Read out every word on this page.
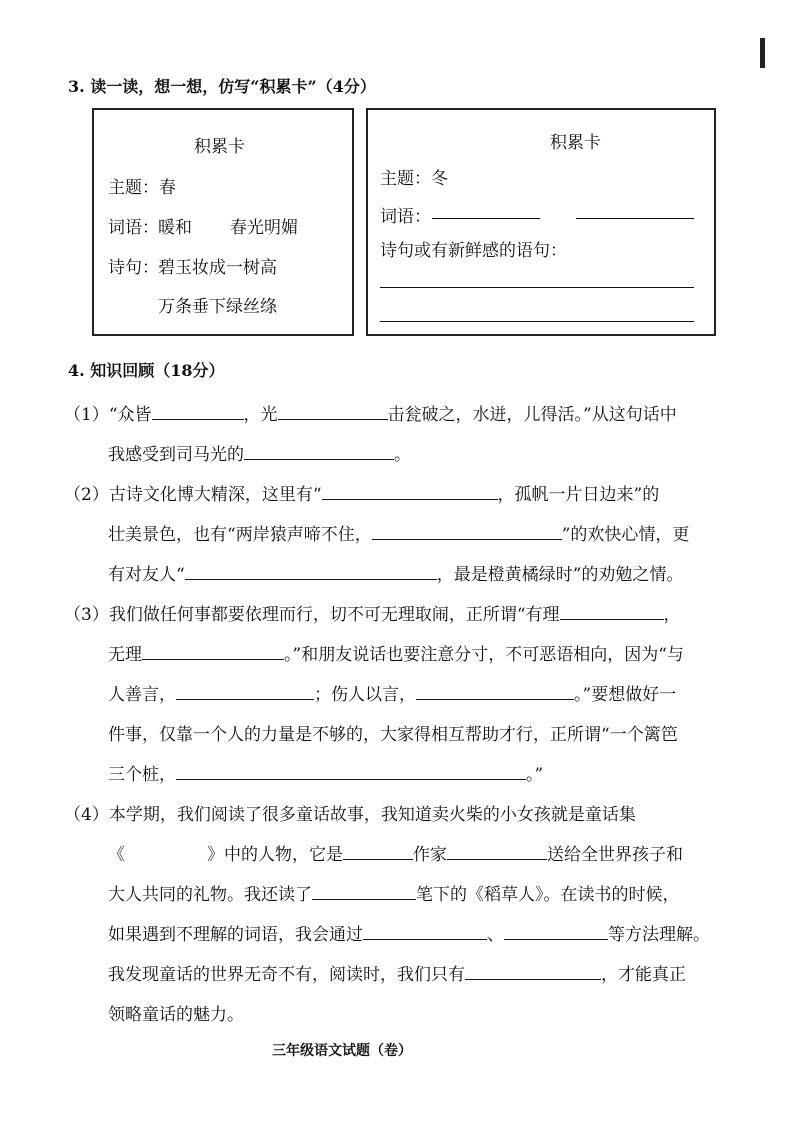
3. 读一读，想一想，仿写“积累卡”（4分）
积累卡
主题：春
词语： 暖和 春光明媚
诗句： 碧玉妆成一树高
万条垂下绿丝绦
积累卡
主题：冬
词语：
诗句或有新鲜感的语句：
4. 知识回顾（18分）
（1）“众皆	，光	击瓮破之，水迸，儿得活。”从这句话中
我感受到司马光的	。
（2）古诗文化博大精深，这里有“	，孤帆一片日边来”的
壮美景色，也有“两岸猿声啼不住，	”的欢快心情，更
有对友人“	，最是橙黄橘绿时”的劝勉之情。
（3）我们做任何事都要依理而行，切不可无理取闹，正所谓“有理	，
无理	。”和朋友说话也要注意分寸，不可恶语相向，因为“与
人善言，	；伤人以言，	。”要想做好一
件事，仅靠一个人的力量是不够的，大家得相互帮助才行，正所谓“一个篱笆
三个桩，	。”
（4）本学期，我们阅读了很多童话故事，我知道卖火柴的小女孩就是童话集
《	》中的人物，它是	作家	送给全世界孩子和
大人共同的礼物。我还读了	笔下的《稻草人》。在读书的时候，
如果遇到不理解的词语，我会通过	、	等方法理解。
我发现童话的世界无奇不有，阅读时，我们只有	，才能真正
领略童话的魅力。
三年级语文试题（卷）
